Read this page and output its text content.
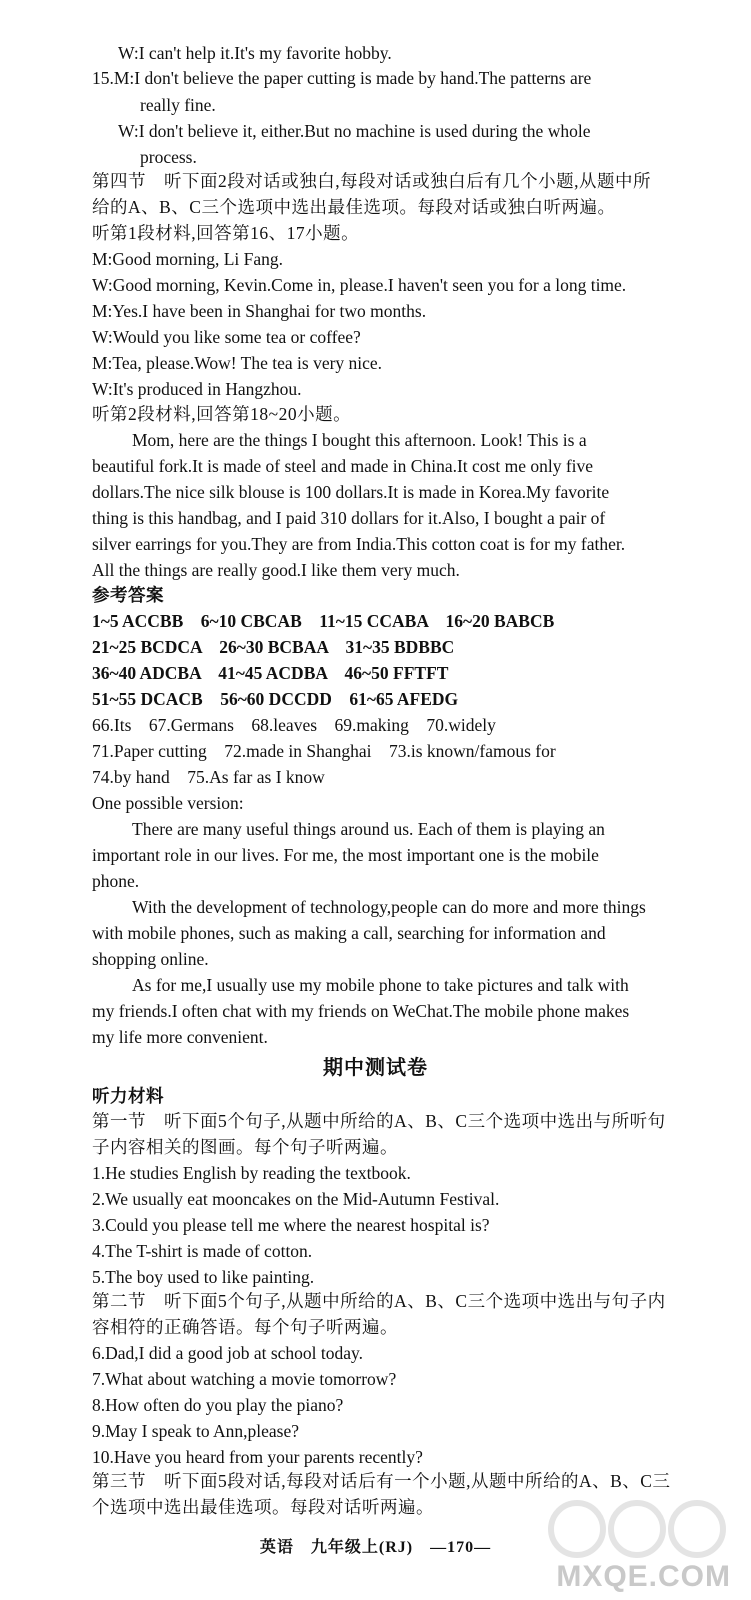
W:I can't help it.It's my favorite hobby.
15.M:I don't believe the paper cutting is made by hand.The patterns are
really fine.
W:I don't believe it, either.But no machine is used during the whole
process.
第四节　听下面2段对话或独白,每段对话或独白后有几个小题,从题中所
给的A、B、C三个选项中选出最佳选项。每段对话或独白听两遍。
听第1段材料,回答第16、17小题。
M:Good morning, Li Fang.
W:Good morning, Kevin.Come in, please.I haven't seen you for a long time.
M:Yes.I have been in Shanghai for two months.
W:Would you like some tea or coffee?
M:Tea, please.Wow! The tea is very nice.
W:It's produced in Hangzhou.
听第2段材料,回答第18~20小题。
Mom, here are the things I bought this afternoon. Look! This is a
beautiful fork.It is made of steel and made in China.It cost me only five
dollars.The nice silk blouse is 100 dollars.It is made in Korea.My favorite
thing is this handbag, and I paid 310 dollars for it.Also, I bought a pair of
silver earrings for you.They are from India.This cotton coat is for my father.
All the things are really good.I like them very much.
参考答案
1~5 ACCBB　6~10 CBCAB　11~15 CCABA　16~20 BABCB
21~25 BCDCA　26~30 BCBAA　31~35 BDBBC
36~40 ADCBA　41~45 ACDBA　46~50 FFTFT
51~55 DCACB　56~60 DCCDD　61~65 AFEDG
66.Its　67.Germans　68.leaves　69.making　70.widely
71.Paper cutting　72.made in Shanghai　73.is known/famous for
74.by hand　75.As far as I know
One possible version:
There are many useful things around us. Each of them is playing an
important role in our lives. For me, the most important one is the mobile
phone.
With the development of technology,people can do more and more things
with mobile phones, such as making a call, searching for information and
shopping online.
As for me,I usually use my mobile phone to take pictures and talk with
my friends.I often chat with my friends on WeChat.The mobile phone makes
my life more convenient.
期中测试卷
听力材料
第一节　听下面5个句子,从题中所给的A、B、C三个选项中选出与所听句
子内容相关的图画。每个句子听两遍。
1.He studies English by reading the textbook.
2.We usually eat mooncakes on the Mid-Autumn Festival.
3.Could you please tell me where the nearest hospital is?
4.The T-shirt is made of cotton.
5.The boy used to like painting.
第二节　听下面5个句子,从题中所给的A、B、C三个选项中选出与句子内
容相符的正确答语。每个句子听两遍。
6.Dad,I did a good job at school today.
7.What about watching a movie tomorrow?
8.How often do you play the piano?
9.May I speak to Ann,please?
10.Have you heard from your parents recently?
第三节　听下面5段对话,每段对话后有一个小题,从题中所给的A、B、C三
个选项中选出最佳选项。每段对话听两遍。
英语　九年级上(RJ)　—170—
MXQE.COM
